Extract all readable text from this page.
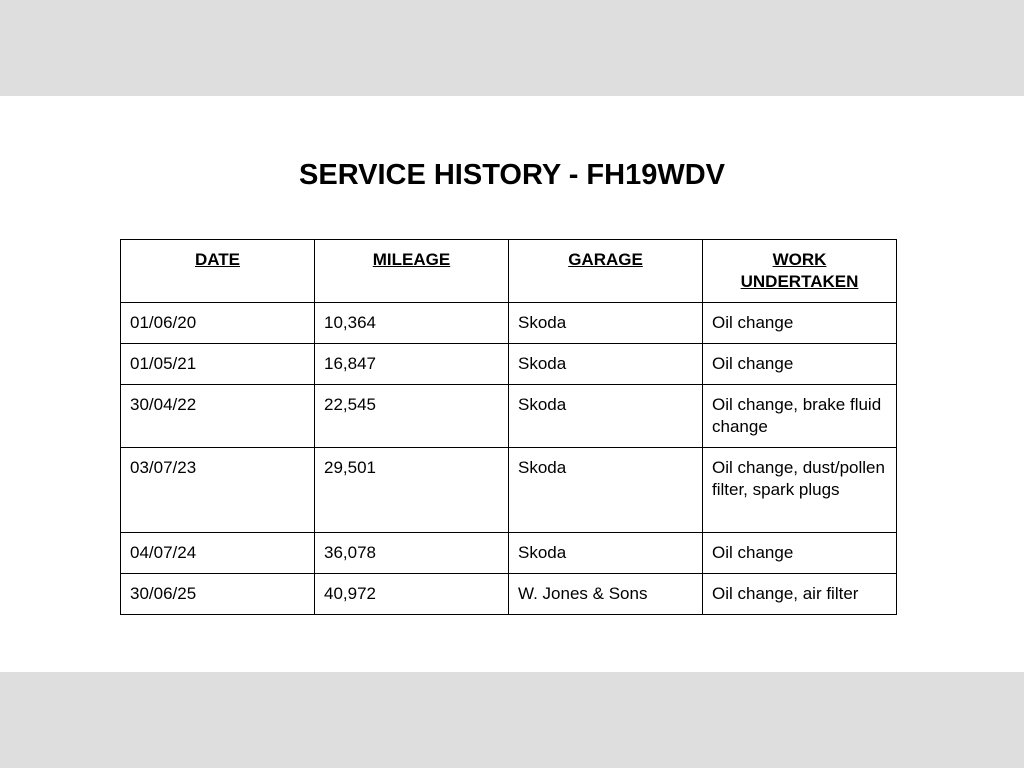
SERVICE HISTORY - FH19WDV
DATE	MILEAGE	GARAGE	WORK UNDERTAKEN
01/06/20	10,364	Skoda	Oil change
01/05/21	16,847	Skoda	Oil change
30/04/22	22,545	Skoda	Oil change, brake fluid change
03/07/23	29,501	Skoda	Oil change, dust/pollen filter, spark plugs
04/07/24	36,078	Skoda	Oil change
30/06/25	40,972	W. Jones & Sons	Oil change, air filter
